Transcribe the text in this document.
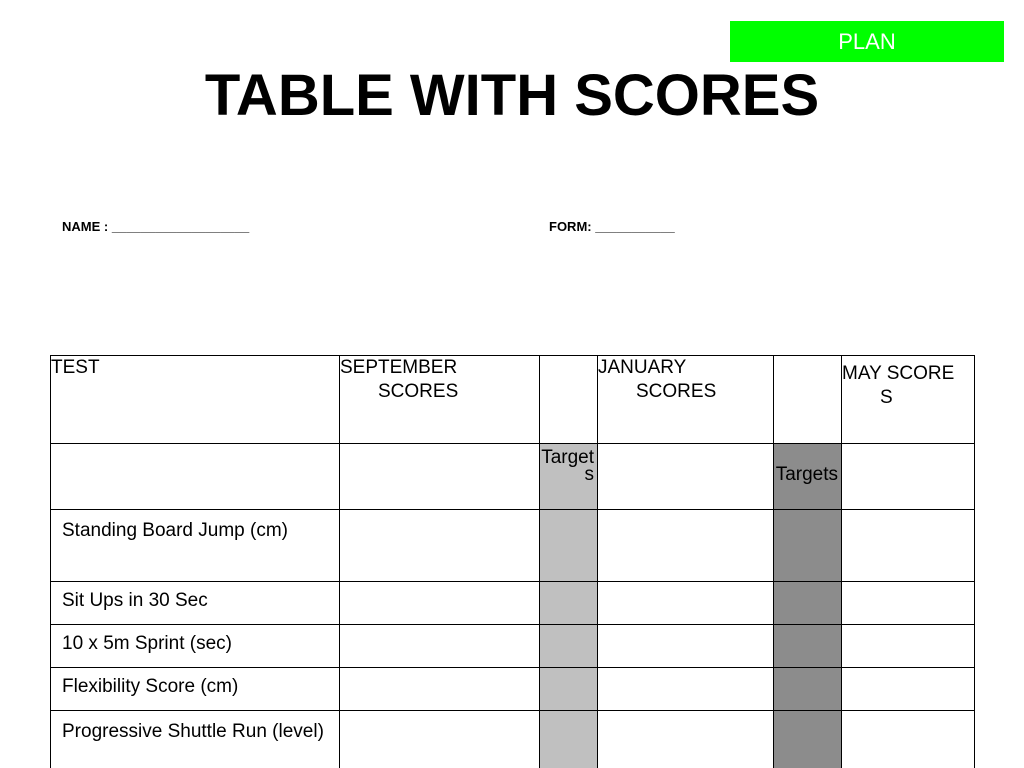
PLAN
TABLE WITH SCORES
NAME : ___________________	FORM: ___________
TEST	SEPTEMBER SCORES		JANUARY SCORES		MAY SCORES

		Targets		Targets	

Standing Board Jump (cm)					

Sit Ups in 30 Sec					

10 x 5m Sprint (sec)					

Flexibility Score (cm)					

Progressive Shuttle Run (level)					
